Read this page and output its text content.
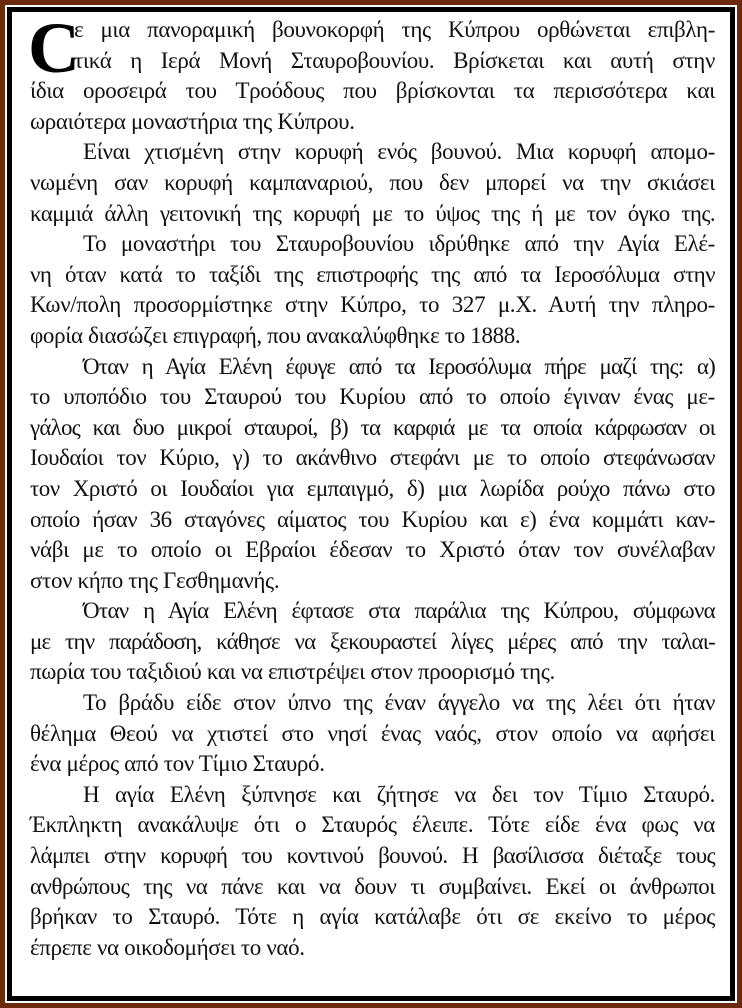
C
ε μια πανοραμική βουνοκορφή της Κύπρου ορθώνεται επιβλη-
τικά η Ιερά Μονή Σταυροβουνίου. Βρίσκεται και αυτή στην
ίδια οροσειρά του Τροόδους που βρίσκονται τα περισσότερα και
ωραιότερα μοναστήρια της Κύπρου.
Είναι χτισμένη στην κορυφή ενός βουνού. Μια κορυφή απομο-
νωμένη σαν κορυφή καμπαναριού, που δεν μπορεί να την σκιάσει
καμμιά άλλη γειτονική της κορυφή με το ύψος της ή με τον όγκο της.
Το μοναστήρι του Σταυροβουνίου ιδρύθηκε από την Αγία Ελέ-
νη όταν κατά το ταξίδι της επιστροφής της από τα Ιεροσόλυμα στην
Κων/πολη προσορμίστηκε στην Κύπρο, το 327 μ.Χ. Αυτή την πληρο-
φορία διασώζει επιγραφή, που ανακαλύφθηκε το 1888.
Όταν η Αγία Ελένη έφυγε από τα Ιεροσόλυμα πήρε μαζί της: α)
το υποπόδιο του Σταυρού του Κυρίου από το οποίο έγιναν ένας με-
γάλος και δυο μικροί σταυροί, β) τα καρφιά με τα οποία κάρφωσαν οι
Ιουδαίοι τον Κύριο, γ) το ακάνθινο στεφάνι με το οποίο στεφάνωσαν
τον Χριστό οι Ιουδαίοι για εμπαιγμό, δ) μια λωρίδα ρούχο πάνω στο
οποίο ήσαν 36 σταγόνες αίματος του Κυρίου και ε) ένα κομμάτι καν-
νάβι με το οποίο οι Εβραίοι έδεσαν το Χριστό όταν τον συνέλαβαν
στον κήπο της Γεσθημανής.
Όταν η Αγία Ελένη έφτασε στα παράλια της Κύπρου, σύμφωνα
με την παράδοση, κάθησε να ξεκουραστεί λίγες μέρες από την ταλαι-
πωρία του ταξιδιού και να επιστρέψει στον προορισμό της.
Το βράδυ είδε στον ύπνο της έναν άγγελο να της λέει ότι ήταν
θέλημα Θεού να χτιστεί στο νησί ένας ναός, στον οποίο να αφήσει
ένα μέρος από τον Τίμιο Σταυρό.
Η αγία Ελένη ξύπνησε και ζήτησε να δει τον Τίμιο Σταυρό.
Έκπληκτη ανακάλυψε ότι ο Σταυρός έλειπε. Τότε είδε ένα φως να
λάμπει στην κορυφή του κοντινού βουνού. Η βασίλισσα διέταξε τους
ανθρώπους της να πάνε και να δουν τι συμβαίνει. Εκεί οι άνθρωποι
βρήκαν το Σταυρό. Τότε η αγία κατάλαβε ότι σε εκείνο το μέρος
έπρεπε να οικοδομήσει το ναό.
